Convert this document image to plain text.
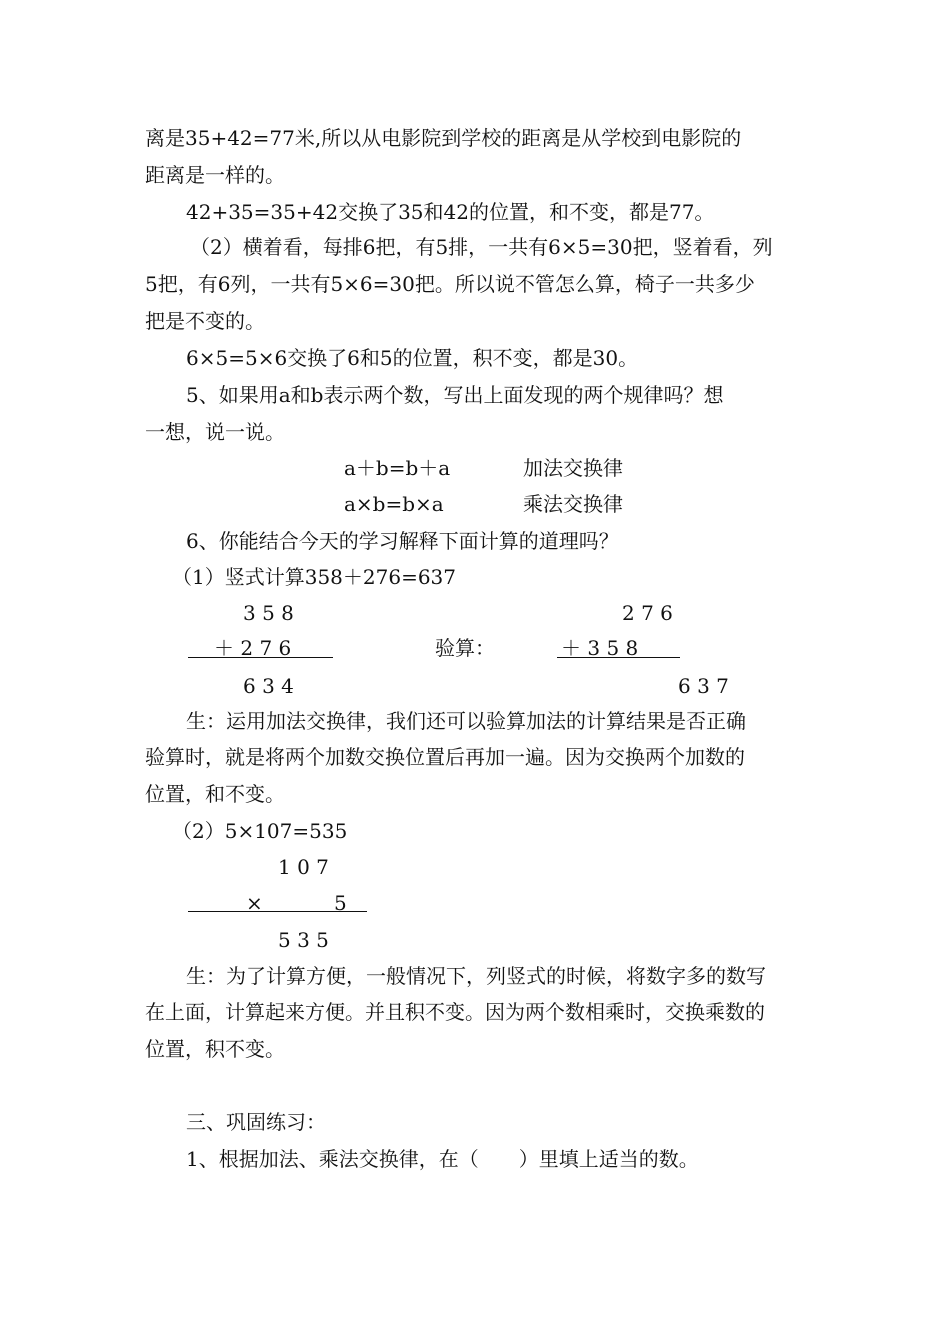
离是35+42=77米,所以从电影院到学校的距离是从学校到电影院的
距离是一样的。
42+35=35+42交换了35和42的位置，和不变，都是77。
（2）横着看，每排6把，有5排，一共有6×5=30把，竖着看，列
5把，有6列，一共有5×6=30把。所以说不管怎么算，椅子一共多少
把是不变的。
6×5=5×6交换了6和5的位置，积不变，都是30。
5、如果用a和b表示两个数，写出上面发现的两个规律吗？想
一想，说一说。
a＋b=b＋a	加法交换律
a×b=b×a	乘法交换律
6、你能结合今天的学习解释下面计算的道理吗？
（1）竖式计算358＋276=637
3 5 8
＋ 2 7 6
6 3 4
验算：
2 7 6
＋ 3 5 8
6 3 7
生：运用加法交换律，我们还可以验算加法的计算结果是否正确
验算时，就是将两个加数交换位置后再加一遍。因为交换两个加数的
位置，和不变。
（2）5×107=535
1 0 7
×	5
5 3 5
生：为了计算方便，一般情况下，列竖式的时候，将数字多的数写
在上面，计算起来方便。并且积不变。因为两个数相乘时，交换乘数的
位置，积不变。
三、巩固练习：
1、根据加法、乘法交换律，在（　　）里填上适当的数。
